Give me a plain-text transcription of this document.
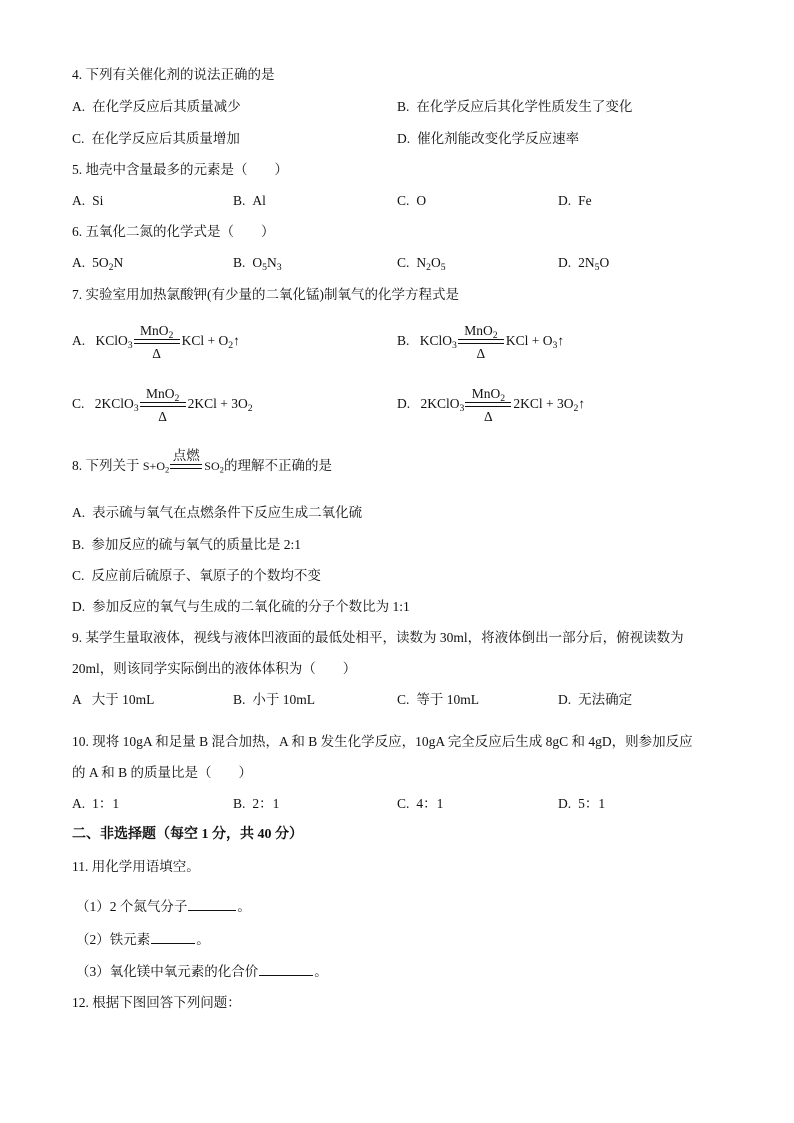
4. 下列有关催化剂的说法正确的是
A. 在化学反应后其质量减少	B. 在化学反应后其化学性质发生了变化
C. 在化学反应后其质量增加	D. 催化剂能改变化学反应速率
5. 地壳中含量最多的元素是（　　）
A. Si	B. Al	C. O	D. Fe
6. 五氧化二氮的化学式是（　　）
A. $5O_2N$	B. $O_5N_3$	C. $N_2O_5$	D. $2N_5O$
7. 实验室用加热氯酸钾(有少量的二氧化锰)制氧气的化学方程式是
A. KClO$_3$
MnO$_2$
Δ
KCl + $O_2↑$	B. KClO$_3$
MnO$_2$
Δ
KCl + $O_3↑$
C. 2KClO$_3$
MnO$_2$
Δ
$2KCl + 3O_2$	D. 2KClO$_3$
MnO$_2$
Δ
$2KCl + 3O_2↑$
8. 下列关于 $S+O_2$
点燃
$SO_2$的理解不正确的是
A. 表示硫与氧气在点燃条件下反应生成二氧化硫
B. 参加反应的硫与氧气的质量比是 2:1
C. 反应前后硫原子、氧原子的个数均不变
D. 参加反应的氧气与生成的二氧化硫的分子个数比为 1:1
9. 某学生量取液体，视线与液体凹液面的最低处相平，读数为 30ml，将液体倒出一部分后，俯视读数为
20ml，则该同学实际倒出的液体体积为（　　）
A 大于 10mL	B. 小于 10mL	C. 等于 10mL	D. 无法确定
10. 现将 10gA 和足量 B 混合加热，A 和 B 发生化学反应，10gA 完全反应后生成 8gC 和 4gD，则参加反应
的 A 和 B 的质量比是（　　）
A. 1：1	B. 2：1	C. 4：1	D. 5：1
二、非选择题（每空 1 分，共 40 分）
11. 用化学用语填空。
（1）2 个氮气分子	。
（2）铁元素	。
（3）氧化镁中氧元素的化合价	。
12. 根据下图回答下列问题：
